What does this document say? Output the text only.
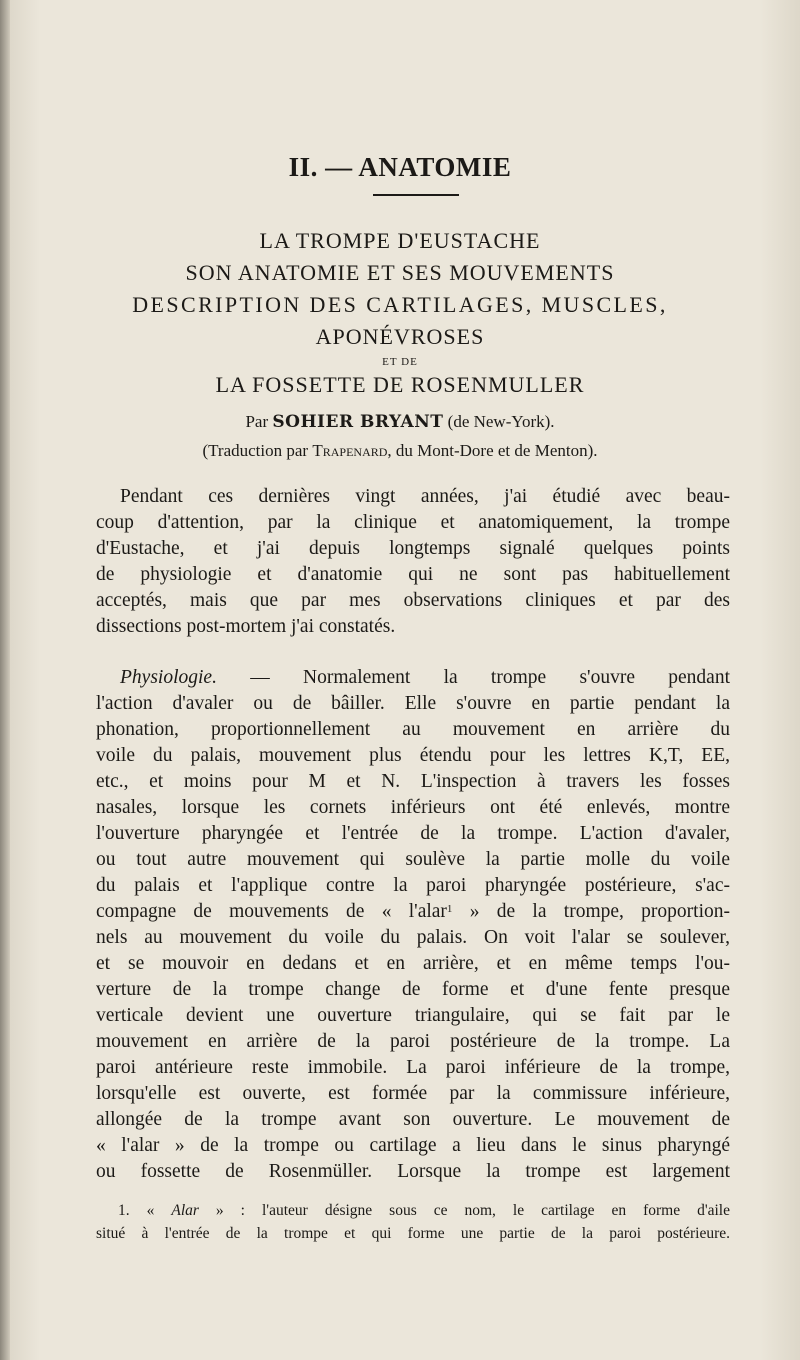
II. — ANATOMIE
LA TROMPE D'EUSTACHE
SON ANATOMIE ET SES MOUVEMENTS
DESCRIPTION DES CARTILAGES, MUSCLES,
APONÉVROSES
ET DE
LA FOSSETTE DE ROSENMULLER
Par SOHIER BRYANT (de New-York).
(Traduction par Trapenard, du Mont-Dore et de Menton).
Pendant ces dernières vingt années, j'ai étudié avec beau-
coup d'attention, par la clinique et anatomiquement, la trompe
d'Eustache, et j'ai depuis longtemps signalé quelques points
de physiologie et d'anatomie qui ne sont pas habituellement
acceptés, mais que par mes observations cliniques et par des
dissections post-mortem j'ai constatés.
Physiologie. — Normalement la trompe s'ouvre pendant
l'action d'avaler ou de bâiller. Elle s'ouvre en partie pendant la
phonation, proportionnellement au mouvement en arrière du
voile du palais, mouvement plus étendu pour les lettres K,T, EE,
etc., et moins pour M et N. L'inspection à travers les fosses
nasales, lorsque les cornets inférieurs ont été enlevés, montre
l'ouverture pharyngée et l'entrée de la trompe. L'action d'avaler,
ou tout autre mouvement qui soulève la partie molle du voile
du palais et l'applique contre la paroi pharyngée postérieure, s'ac-
compagne de mouvements de « l'alar$^1$ » de la trompe, proportion-
nels au mouvement du voile du palais. On voit l'alar se soulever,
et se mouvoir en dedans et en arrière, et en même temps l'ou-
verture de la trompe change de forme et d'une fente presque
verticale devient une ouverture triangulaire, qui se fait par le
mouvement en arrière de la paroi postérieure de la trompe. La
paroi antérieure reste immobile. La paroi inférieure de la trompe,
lorsqu'elle est ouverte, est formée par la commissure inférieure,
allongée de la trompe avant son ouverture. Le mouvement de
« l'alar » de la trompe ou cartilage a lieu dans le sinus pharyngé
ou fossette de Rosenmüller. Lorsque la trompe est largement
1. « Alar » : l'auteur désigne sous ce nom, le cartilage en forme d'aile
situé à l'entrée de la trompe et qui forme une partie de la paroi postérieure.
